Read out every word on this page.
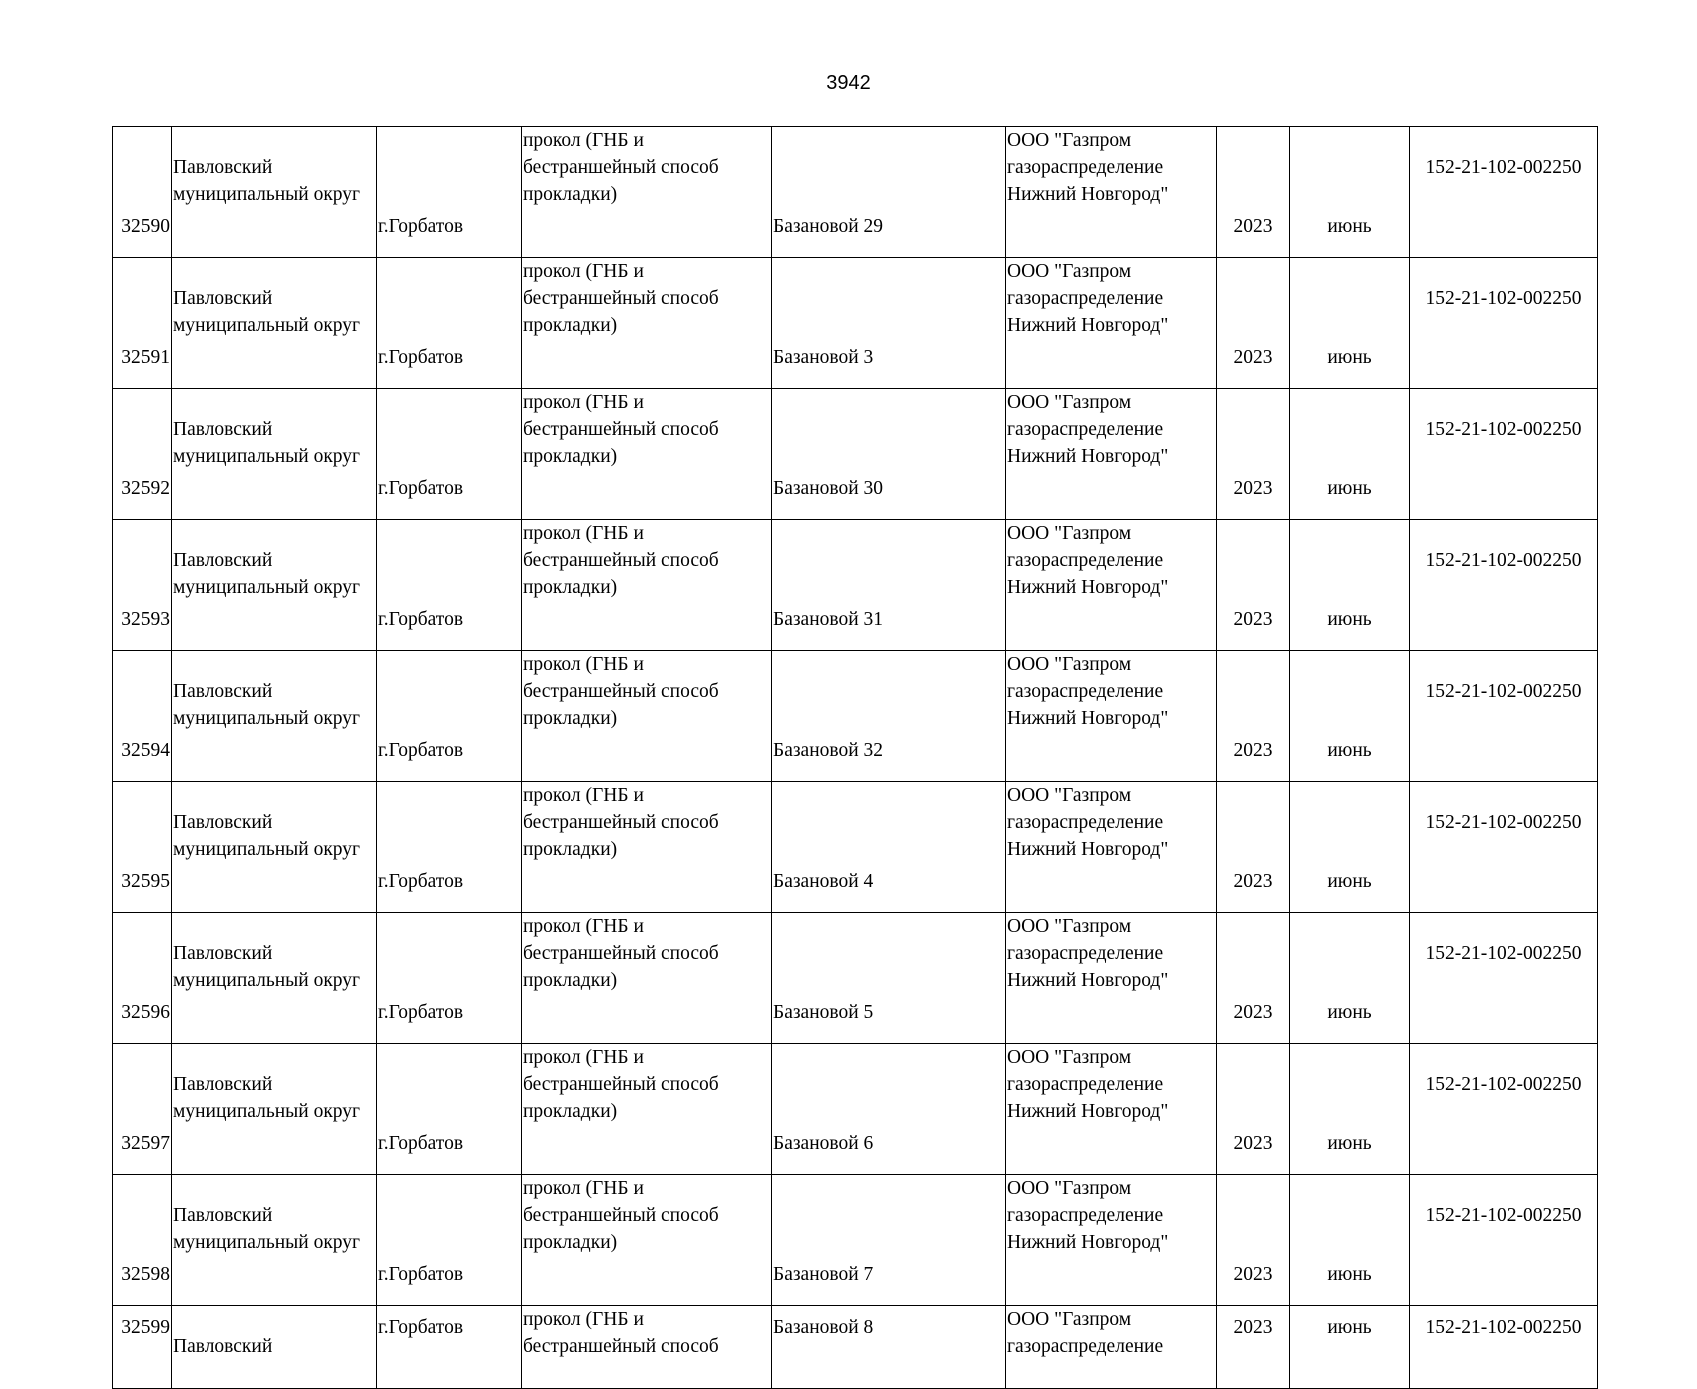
3942
32590	Павловский
муниципальный округ	г.Горбатов	прокол (ГНБ и
бестраншейный способ
прокладки)	Базановой 29	ООО "Газпром
газораспределение
Нижний Новгород"	2023	июнь	152-21-102-002250
32591	Павловский
муниципальный округ	г.Горбатов	прокол (ГНБ и
бестраншейный способ
прокладки)	Базановой 3	ООО "Газпром
газораспределение
Нижний Новгород"	2023	июнь	152-21-102-002250
32592	Павловский
муниципальный округ	г.Горбатов	прокол (ГНБ и
бестраншейный способ
прокладки)	Базановой 30	ООО "Газпром
газораспределение
Нижний Новгород"	2023	июнь	152-21-102-002250
32593	Павловский
муниципальный округ	г.Горбатов	прокол (ГНБ и
бестраншейный способ
прокладки)	Базановой 31	ООО "Газпром
газораспределение
Нижний Новгород"	2023	июнь	152-21-102-002250
32594	Павловский
муниципальный округ	г.Горбатов	прокол (ГНБ и
бестраншейный способ
прокладки)	Базановой 32	ООО "Газпром
газораспределение
Нижний Новгород"	2023	июнь	152-21-102-002250
32595	Павловский
муниципальный округ	г.Горбатов	прокол (ГНБ и
бестраншейный способ
прокладки)	Базановой 4	ООО "Газпром
газораспределение
Нижний Новгород"	2023	июнь	152-21-102-002250
32596	Павловский
муниципальный округ	г.Горбатов	прокол (ГНБ и
бестраншейный способ
прокладки)	Базановой 5	ООО "Газпром
газораспределение
Нижний Новгород"	2023	июнь	152-21-102-002250
32597	Павловский
муниципальный округ	г.Горбатов	прокол (ГНБ и
бестраншейный способ
прокладки)	Базановой 6	ООО "Газпром
газораспределение
Нижний Новгород"	2023	июнь	152-21-102-002250
32598	Павловский
муниципальный округ	г.Горбатов	прокол (ГНБ и
бестраншейный способ
прокладки)	Базановой 7	ООО "Газпром
газораспределение
Нижний Новгород"	2023	июнь	152-21-102-002250
32599	Павловский	г.Горбатов	прокол (ГНБ и
бестраншейный способ	Базановой 8	ООО "Газпром
газораспределение	2023	июнь	152-21-102-002250
